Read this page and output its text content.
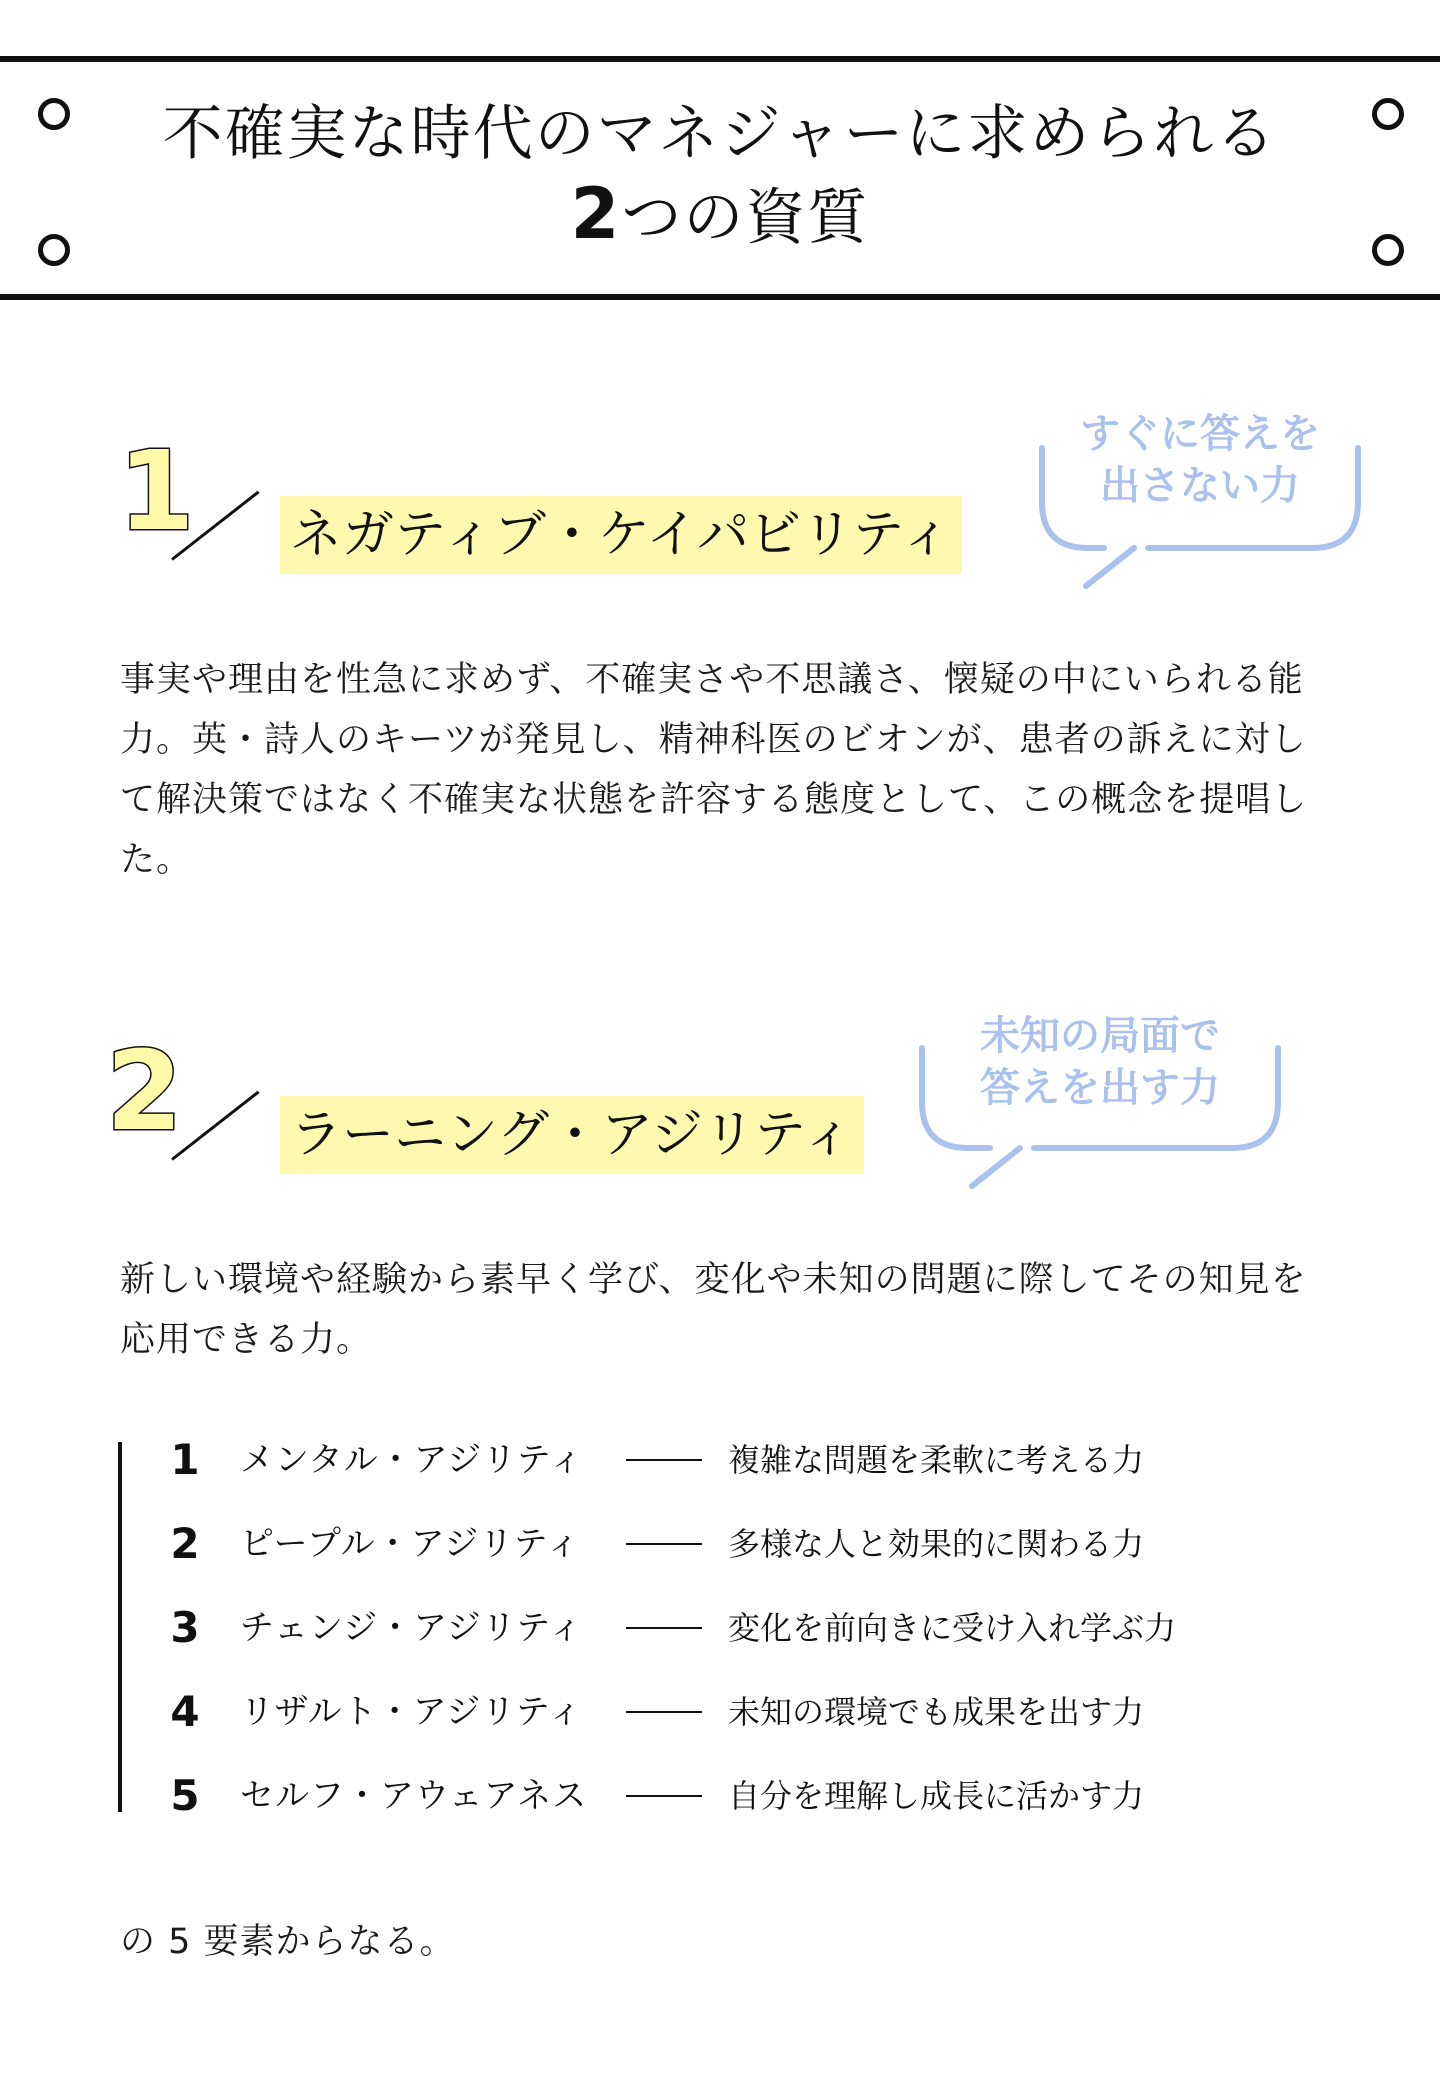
不確実な時代のマネジャーに求められる
2つの資質
1 ネガティブ・ケイパビリティ
すぐに答えを
出さない力
事実や理由を性急に求めず、不確実さや不思議さ、懐疑の中にいられる能力。英・詩人のキーツが発見し、精神科医のビオンが、患者の訴えに対して解決策ではなく不確実な状態を許容する態度として、この概念を提唱した。
2 ラーニング・アジリティ
未知の局面で
答えを出す力
新しい環境や経験から素早く学び、変化や未知の問題に際してその知見を応用できる力。
1 メンタル・アジリティ	複雑な問題を柔軟に考える力
2 ピープル・アジリティ	多様な人と効果的に関わる力
3 チェンジ・アジリティ	変化を前向きに受け入れ学ぶ力
4 リザルト・アジリティ	未知の環境でも成果を出す力
5 セルフ・アウェアネス	自分を理解し成長に活かす力
の 5 要素からなる。
